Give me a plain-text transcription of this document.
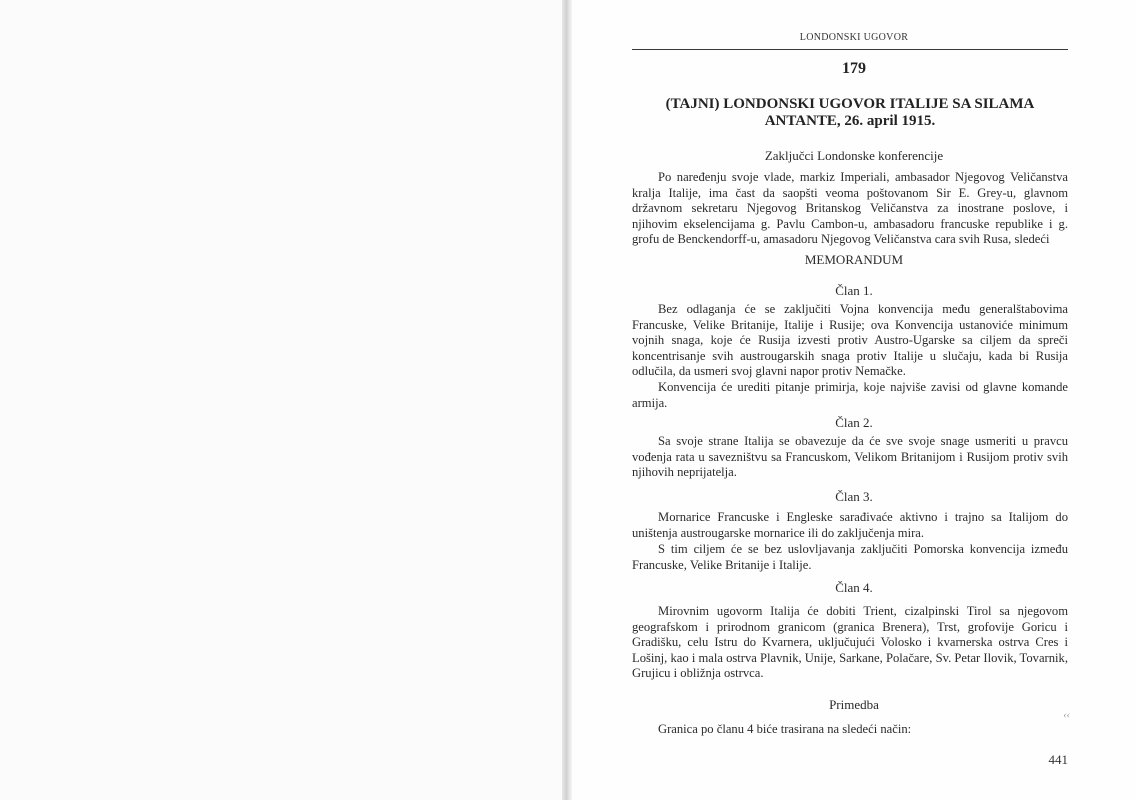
LONDONSKI UGOVOR
179
(TAJNI) LONDONSKI UGOVOR ITALIJE SA SILAMA ANTANTE, 26. april 1915.
Zaključci Londonske konferencije

Po naređenju svoje vlade, markiz Imperiali, ambasador Njegovog Veličanstva kralja Italije, ima čast da saopšti veoma poštovanom Sir E. Grey-u, glavnom državnom sekretaru Njegovog Britanskog Veličanstva za inostrane poslove, i njihovim ekselencijama g. Pavlu Cambon-u, ambasadoru francuske republike i g. grofu de Benckendorff-u, amasadoru Njegovog Veličanstva cara svih Rusa, sledeći

MEMORANDUM
Član 1.

Bez odlaganja će se zaključiti Vojna konvencija među generalštabovima Francuske, Velike Britanije, Italije i Rusije; ova Konvencija ustanoviće minimum vojnih snaga, koje će Rusija izvesti protiv Austro-Ugarske sa ciljem da spreči koncentrisanje svih austrougarskih snaga protiv Italije u slučaju, kada bi Rusija odlučila, da usmeri svoj glavni napor protiv Nemačke.

Konvencija će urediti pitanje primirja, koje najviše zavisi od glavne komande armija.

Član 2.

Sa svoje strane Italija se obavezuje da će sve svoje snage usmeriti u pravcu vođenja rata u savezništvu sa Francuskom, Velikom Britanijom i Rusijom protiv svih njihovih neprijatelja.

Član 3.

Mornarice Francuske i Engleske sarađivaće aktivno i trajno sa Italijom do uništenja austrougarske mornarice ili do zaključenja mira.

S tim ciljem će se bez uslovljavanja zaključiti Pomorska konvencija između Francuske, Velike Britanije i Italije.

Član 4.

Mirovnim ugovorm Italija će dobiti Trient, cizalpinski Tirol sa njegovom geografskom i prirodnom granicom (granica Brenera), Trst, grofovije Goricu i Gradišku, celu Istru do Kvarnera, uključujući Volosko i kvarnerska ostrva Cres i Lošinj, kao i mala ostrva Plavnik, Unije, Sarkane, Polačare, Sv. Petar Ilovik, Tovarnik, Grujicu i obližnja ostrvca.

Primedba

Granica po članu 4 biće trasirana na sledeći način:

‹‹
441
